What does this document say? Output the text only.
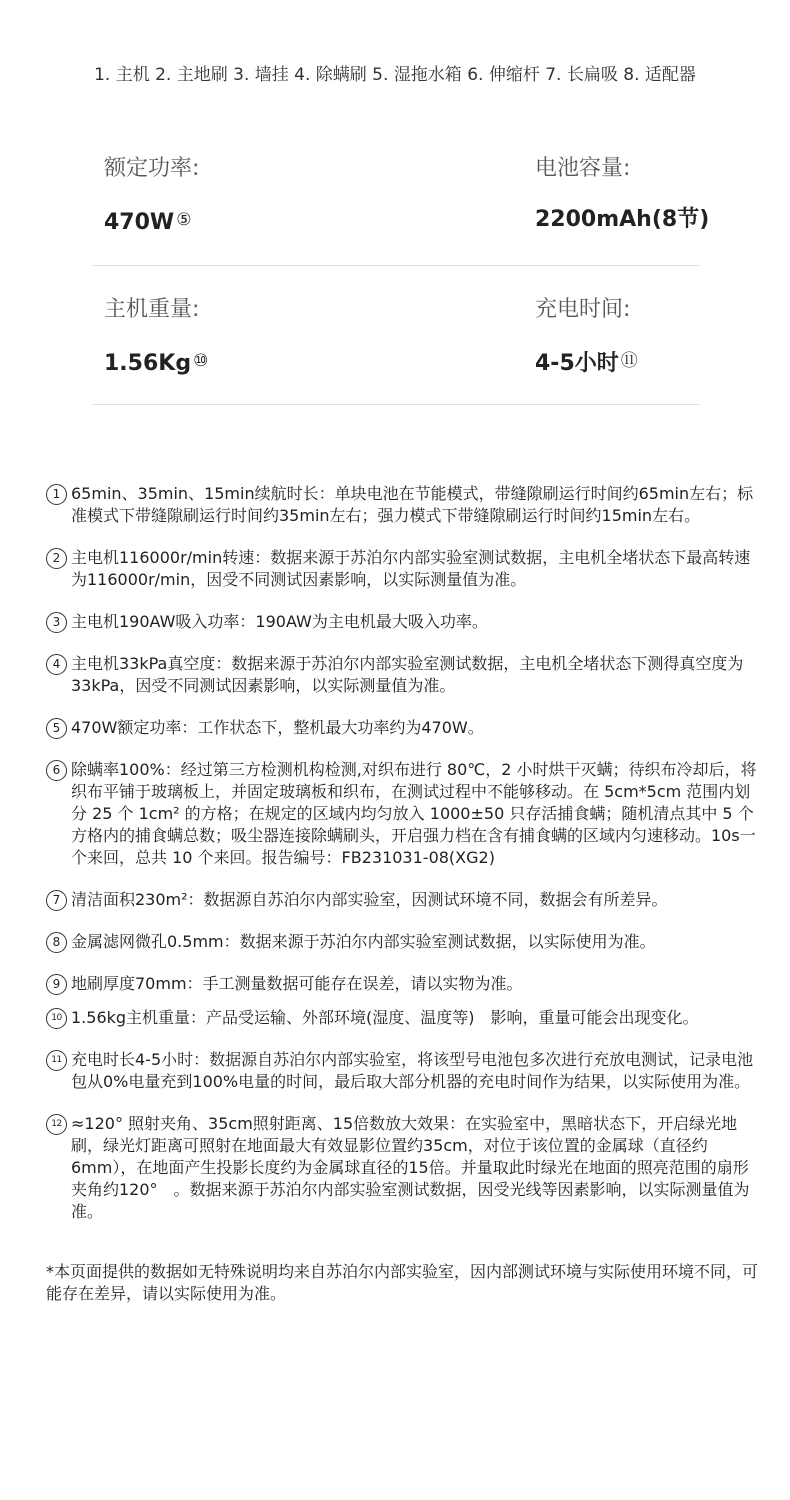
1. 主机 2. 主地刷 3. 墙挂 4. 除螨刷 5. 湿拖水箱 6. 伸缩杆 7. 长扁吸 8. 适配器
额定功率:
470W ⑤
电池容量:
2200mAh(8节)
主机重量:
1.56Kg ⑩
充电时间:
4-5小时 ⑪
1 65min、35min、15min续航时长：单块电池在节能模式，带缝隙刷运行时间约65min左右；标准模式下带缝隙刷运行时间约35min左右；强力模式下带缝隙刷运行时间约15min左右。
2 主电机116000r/min转速：数据来源于苏泊尔内部实验室测试数据，主电机全堵状态下最高转速为116000r/min，因受不同测试因素影响，以实际测量值为准。
3 主电机190AW吸入功率：190AW为主电机最大吸入功率。
4 主电机33kPa真空度：数据来源于苏泊尔内部实验室测试数据，主电机全堵状态下测得真空度为33kPa，因受不同测试因素影响，以实际测量值为准。
5 470W额定功率：工作状态下，整机最大功率约为470W。
6 除螨率100%：经过第三方检测机构检测,对织布进行 80℃，2 小时烘干灭螨；待织布冷却后，将织布平铺于玻璃板上，并固定玻璃板和织布，在测试过程中不能够移动。在 5cm*5cm 范围内划分 25 个 1cm² 的方格；在规定的区域内均匀放入 1000±50 只存活捕食螨；随机清点其中 5 个方格内的捕食螨总数；吸尘器连接除螨刷头，开启强力档在含有捕食螨的区域内匀速移动。10s一个来回，总共 10 个来回。报告编号：FB231031-08(XG2)
7 清洁面积230m²：数据源自苏泊尔内部实验室，因测试环境不同，数据会有所差异。
8 金属滤网微孔0.5mm：数据来源于苏泊尔内部实验室测试数据，以实际使用为准。
9 地刷厚度70mm：手工测量数据可能存在误差，请以实物为准。
10 1.56kg主机重量：产品受运输、外部环境(湿度、温度等)　影响，重量可能会出现变化。
11 充电时长4-5小时：数据源自苏泊尔内部实验室，将该型号电池包多次进行充放电测试，记录电池包从0%电量充到100%电量的时间，最后取大部分机器的充电时间作为结果，以实际使用为准。
12 ≈120° 照射夹角、35cm照射距离、15倍数放大效果：在实验室中，黑暗状态下，开启绿光地刷，绿光灯距离可照射在地面最大有效显影位置约35cm，对位于该位置的金属球（直径约6mm），在地面产生投影长度约为金属球直径的15倍。并量取此时绿光在地面的照亮范围的扇形夹角约120°　。数据来源于苏泊尔内部实验室测试数据，因受光线等因素影响，以实际测量值为准。
*本页面提供的数据如无特殊说明均来自苏泊尔内部实验室，因内部测试环境与实际使用环境不同，可能存在差异，请以实际使用为准。
